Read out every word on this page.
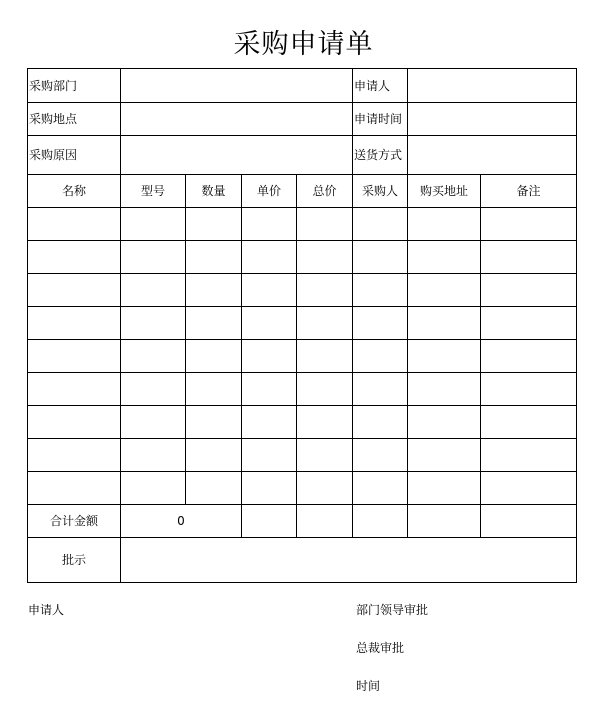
采购申请单
采购部门		申请人	
采购地点		申请时间	
采购原因		送货方式	
名称	型号	数量	单价	总价	采购人	购买地址	备注

合计金额	0						
批示							
申请人	部门领导审批
总裁审批
时间
